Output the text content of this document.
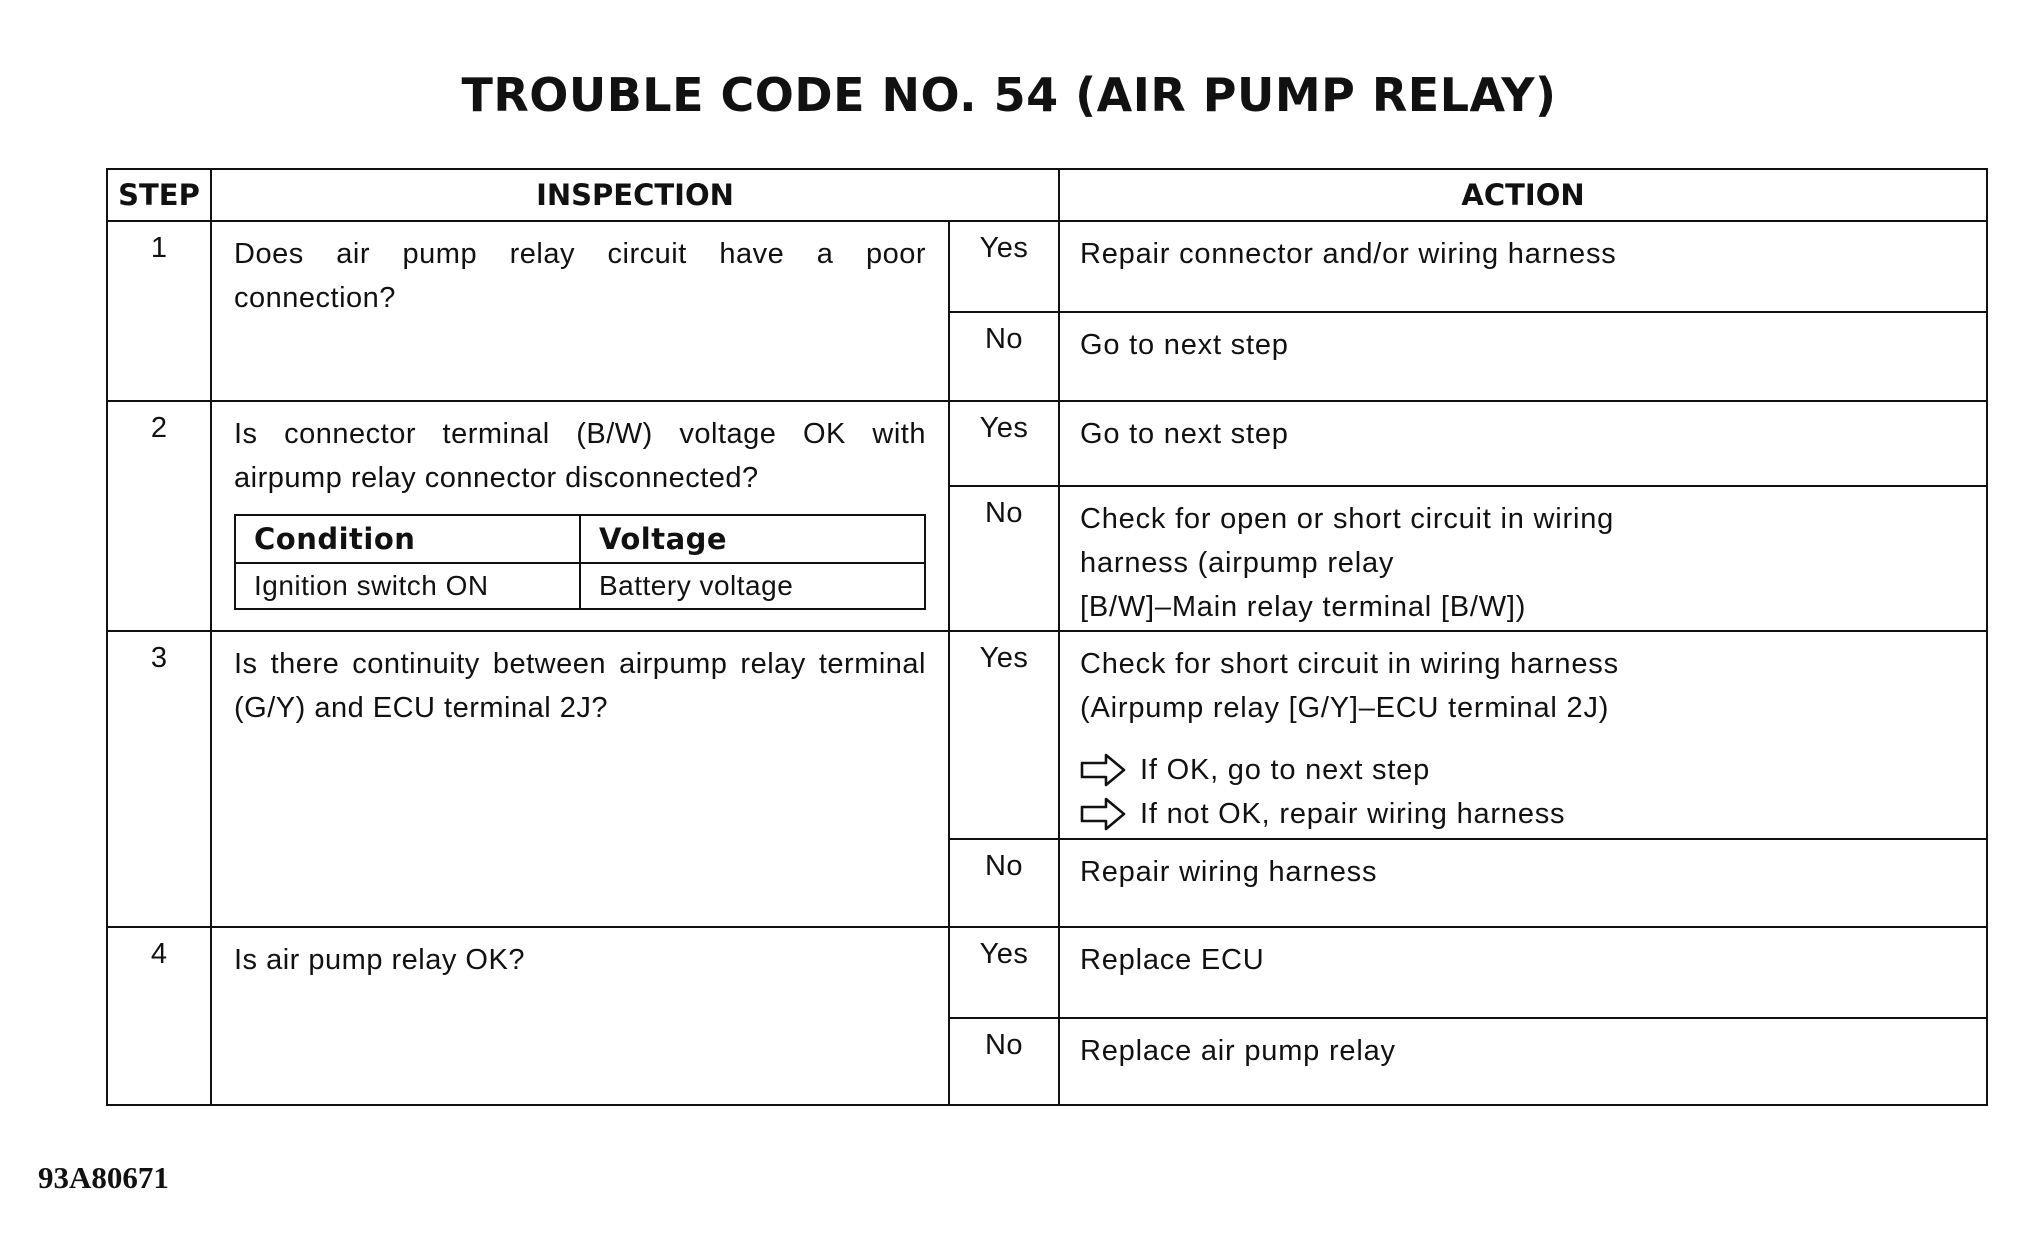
TROUBLE CODE NO. 54 (AIR PUMP RELAY)
STEP	INSPECTION	ACTION
1	Does air pump relay circuit have a poor connection?	Yes	Repair connector and/or wiring harness
No	Go to next step
2	Is connector terminal (B/W) voltage OK with airpump relay connector disconnected?
Condition	Voltage
Ignition switch ON	Battery voltage
	Yes	Go to next step
No	Check for open or short circuit in wiring
harness (airpump relay
[B/W]–Main relay terminal [B/W])

3	Is there continuity between airpump relay terminal (G/Y) and ECU terminal 2J?	Yes	Check for short circuit in wiring harness
(Airpump relay [G/Y]–ECU terminal 2J)
If OK, go to next step
If not OK, repair wiring harness

No	Repair wiring harness
4	Is air pump relay OK?	Yes	Replace ECU
No	Replace air pump relay
93A80671
